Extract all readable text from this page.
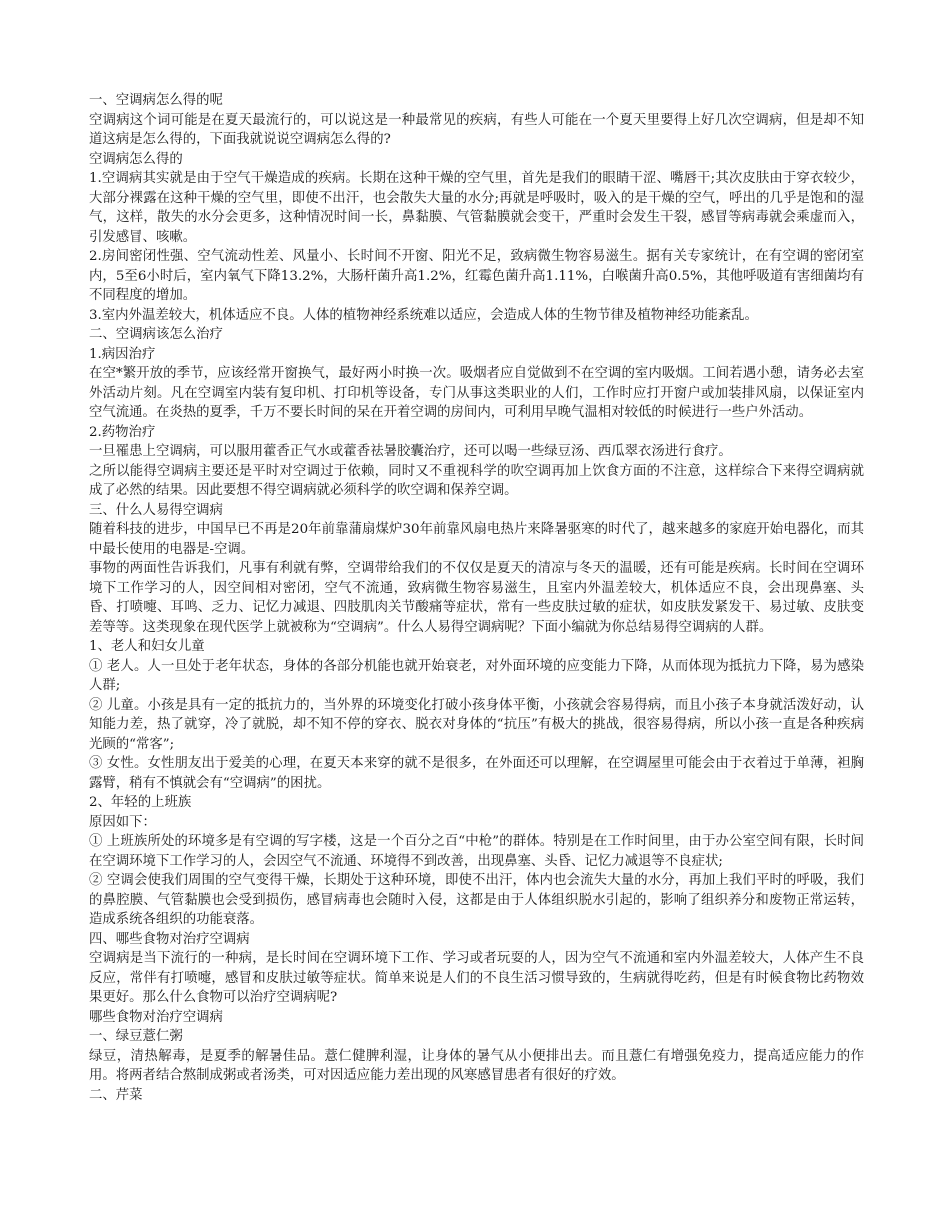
一、空调病怎么得的呢

空调病这个词可能是在夏天最流行的，可以说这是一种最常见的疾病，有些人可能在一个夏天里要得上好几次空调病，但是却不知道这病是怎么得的，下面我就说说空调病怎么得的?

空调病怎么得的

1.空调病其实就是由于空气干燥造成的疾病。长期在这种干燥的空气里，首先是我们的眼睛干涩、嘴唇干;其次皮肤由于穿衣较少，大部分裸露在这种干燥的空气里，即使不出汗，也会散失大量的水分;再就是呼吸时，吸入的是干燥的空气，呼出的几乎是饱和的湿气，这样，散失的水分会更多，这种情况时间一长，鼻黏膜、气管黏膜就会变干，严重时会发生干裂，感冒等病毒就会乘虚而入，引发感冒、咳嗽。

2.房间密闭性强、空气流动性差、风量小、长时间不开窗、阳光不足，致病微生物容易滋生。据有关专家统计，在有空调的密闭室内，5至6小时后，室内氧气下降13.2%，大肠杆菌升高1.2%，红霉色菌升高1.11%，白喉菌升高0.5%，其他呼吸道有害细菌均有不同程度的增加。

3.室内外温差较大，机体适应不良。人体的植物神经系统难以适应，会造成人体的生物节律及植物神经功能紊乱。

二、空调病该怎么治疗

1.病因治疗

在空*繁开放的季节，应该经常开窗换气，最好两小时换一次。吸烟者应自觉做到不在空调的室内吸烟。工间若遇小憩，请务必去室外活动片刻。凡在空调室内装有复印机、打印机等设备，专门从事这类职业的人们，工作时应打开窗户或加装排风扇，以保证室内空气流通。在炎热的夏季，千万不要长时间的呆在开着空调的房间内，可利用早晚气温相对较低的时候进行一些户外活动。

2.药物治疗

一旦罹患上空调病，可以服用藿香正气水或藿香祛暑胶囊治疗，还可以喝一些绿豆汤、西瓜翠衣汤进行食疗。

之所以能得空调病主要还是平时对空调过于依赖，同时又不重视科学的吹空调再加上饮食方面的不注意，这样综合下来得空调病就成了必然的结果。因此要想不得空调病就必须科学的吹空调和保养空调。

三、什么人易得空调病

随着科技的进步，中国早已不再是20年前靠蒲扇煤炉30年前靠风扇电热片来降暑驱寒的时代了，越来越多的家庭开始电器化，而其中最长使用的电器是-空调。

事物的两面性告诉我们，凡事有利就有弊，空调带给我们的不仅仅是夏天的清凉与冬天的温暖，还有可能是疾病。长时间在空调环境下工作学习的人，因空间相对密闭，空气不流通，致病微生物容易滋生，且室内外温差较大，机体适应不良，会出现鼻塞、头昏、打喷嚏、耳鸣、乏力、记忆力减退、四肢肌肉关节酸痛等症状，常有一些皮肤过敏的症状，如皮肤发紧发干、易过敏、皮肤变差等等。这类现象在现代医学上就被称为“空调病”。什么人易得空调病呢？下面小编就为你总结易得空调病的人群。

1、老人和妇女儿童

① 老人。人一旦处于老年状态，身体的各部分机能也就开始衰老，对外面环境的应变能力下降，从而体现为抵抗力下降，易为感染人群;

② 儿童。小孩是具有一定的抵抗力的，当外界的环境变化打破小孩身体平衡，小孩就会容易得病，而且小孩子本身就活泼好动，认知能力差，热了就穿，冷了就脱，却不知不停的穿衣、脱衣对身体的“抗压”有极大的挑战，很容易得病，所以小孩一直是各种疾病光顾的“常客”;

③ 女性。女性朋友出于爱美的心理，在夏天本来穿的就不是很多，在外面还可以理解，在空调屋里可能会由于衣着过于单薄，袒胸露臂，稍有不慎就会有“空调病”的困扰。

2、年轻的上班族

原因如下：

① 上班族所处的环境多是有空调的写字楼，这是一个百分之百“中枪”的群体。特别是在工作时间里，由于办公室空间有限，长时间在空调环境下工作学习的人，会因空气不流通、环境得不到改善，出现鼻塞、头昏、记忆力减退等不良症状;

② 空调会使我们周围的空气变得干燥，长期处于这种环境，即使不出汗，体内也会流失大量的水分，再加上我们平时的呼吸，我们的鼻腔膜、气管黏膜也会受到损伤，感冒病毒也会随时入侵，这都是由于人体组织脱水引起的，影响了组织养分和废物正常运转，造成系统各组织的功能衰落。

四、哪些食物对治疗空调病

空调病是当下流行的一种病，是长时间在空调环境下工作、学习或者玩耍的人，因为空气不流通和室内外温差较大，人体产生不良反应，常伴有打喷嚏，感冒和皮肤过敏等症状。简单来说是人们的不良生活习惯导致的，生病就得吃药，但是有时候食物比药物效果更好。那么什么食物可以治疗空调病呢?

哪些食物对治疗空调病

一、绿豆薏仁粥

绿豆，清热解毒，是夏季的解暑佳品。薏仁健脾利湿，让身体的暑气从小便排出去。而且薏仁有增强免疫力，提高适应能力的作用。将两者结合熬制成粥或者汤类，可对因适应能力差出现的风寒感冒患者有很好的疗效。

二、芹菜
